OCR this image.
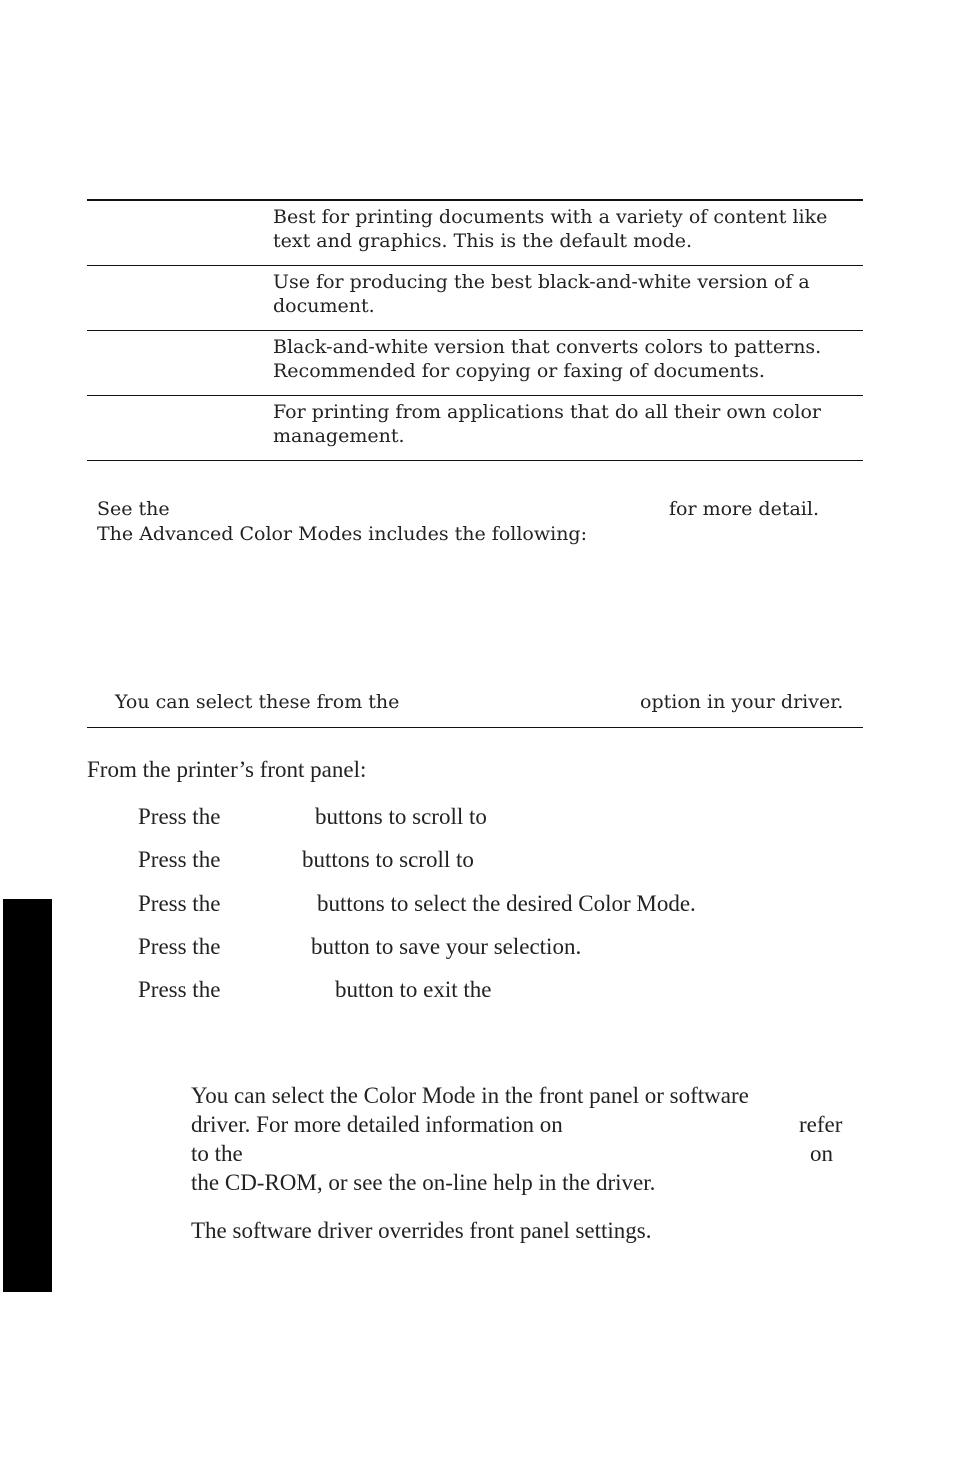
Best for printing documents with a variety of content like
text and graphics. This is the default mode.
Use for producing the best black-and-white version of a
document.
Black-and-white version that converts colors to patterns.
Recommended for copying or faxing of documents.
For printing from applications that do all their own color
management.
See the	for more detail.
The Advanced Color Modes includes the following:
You can select these from the	option in your driver.
From the printer’s front panel:
Press the	buttons to scroll to
Press the	buttons to scroll to
Press the	buttons to select the desired Color Mode.
Press the	button to save your selection.
Press the	button to exit the
You can select the Color Mode in the front panel or software
driver. For more detailed information on	refer
to the	on
the CD-ROM, or see the on-line help in the driver.
The software driver overrides front panel settings.
